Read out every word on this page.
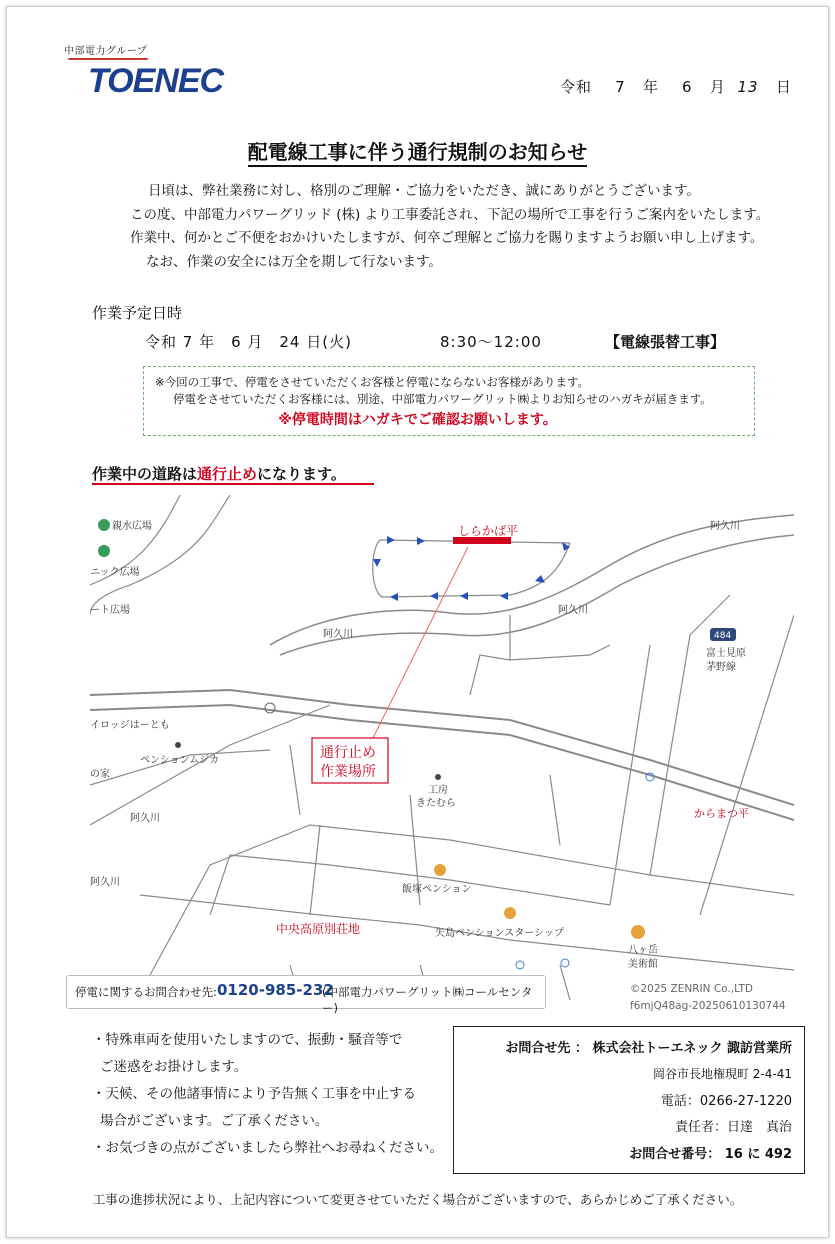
中部電力グループ
TOENEC	令和 7 年 6 月 13 日
配電線工事に伴う通行規制のお知らせ
日頃は、弊社業務に対し、格別のご理解・ご協力をいただき、誠にありがとうございます。
この度、中部電力パワーグリッド (株) より工事委託され、下記の場所で工事を行うご案内をいたします。
作業中、何かとご不便をおかけいたしますが、何卒ご理解とご協力を賜りますようお願い申し上げます。
なお、作業の安全には万全を期して行ないます。
作業予定日時
令和 7 年　6 月　24 日(火)	8:30〜12:00	【電線張替工事】
※今回の工事で、停電をさせていただくお客様と停電にならないお客様があります。
停電をさせていただくお客様には、別途、中部電力パワーグリット㈱よりお知らせのハガキが届きます。
※停電時間はハガキでご確認お願いします。
作業中の道路は通行止めになります。
しらかば平
通行止め
作業場所
阿久川
阿久川
阿久川
阿久川
阿久川
484
富士見原
茅野線
親水広場
ニック広場
ート広場
イロッジはーとも
の家
ペンションムジカ
工房
きたむら
からまつ平
飯塚ペンション
中央高原別荘地	矢島ペンションスターシップ
八ヶ岳
美術館
停電に関するお問合わせ先: 0120-985-232
(中部電力パワーグリット㈱コールセンター)
©2025 ZENRIN Co.,LTD
f6mjQ48ag-20250610130744
・特殊車両を使用いたしますので、振動・騒音等で
ご迷惑をお掛けします。
・天候、その他諸事情により予告無く工事を中止する
場合がございます。ご了承ください。
・お気づきの点がございましたら弊社へお尋ねください。
お問合せ先 ： 株式会社トーエネック 諏訪営業所
岡谷市長地権現町 2-4-41
電話：0266-27-1220
責任者：日達　真治
お問合せ番号： 16 に 492
工事の進捗状況により、上記内容について変更させていただく場合がございますので、あらかじめご了承ください。
